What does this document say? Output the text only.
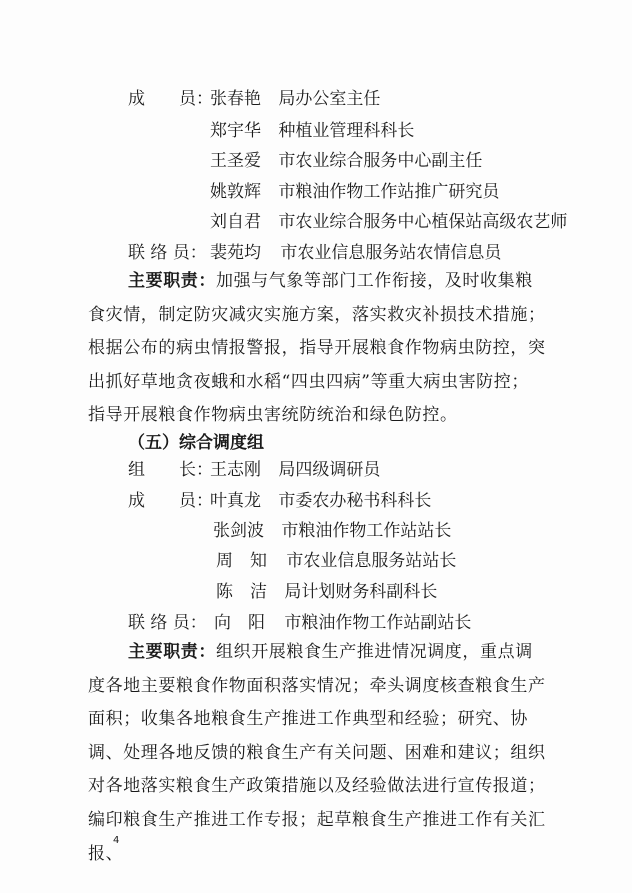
成　　员：张春艳 局办公室主任
郑宇华 种植业管理科科长
王圣爱 市农业综合服务中心副主任
姚敦辉 市粮油作物工作站推广研究员
刘自君 市农业综合服务中心植保站高级农艺师
联 络 员： 裴苑均 市农业信息服务站农情信息员
主要职责：加强与气象等部门工作衔接，及时收集粮食灾情，制定防灾减灾实施方案，落实救灾补损技术措施；根据公布的病虫情报警报，指导开展粮食作物病虫防控，突出抓好草地贪夜蛾和水稻“四虫四病”等重大病虫害防控；指导开展粮食作物病虫害统防统治和绿色防控。
（五）综合调度组
组　　长：王志刚 局四级调研员
成　　员：叶真龙 市委农办秘书科科长
张剑波 市粮油作物工作站站长
周　知 市农业信息服务站站长
陈　洁 局计划财务科副科长
联 络 员： 向　阳 市粮油作物工作站副站长
主要职责：组织开展粮食生产推进情况调度，重点调度各地主要粮食作物面积落实情况；牵头调度核查粮食生产面积；收集各地粮食生产推进工作典型和经验；研究、协调、处理各地反馈的粮食生产有关问题、困难和建议；组织对各地落实粮食生产政策措施以及经验做法进行宣传报道；编印粮食生产推进工作专报；起草粮食生产推进工作有关汇报、
4
